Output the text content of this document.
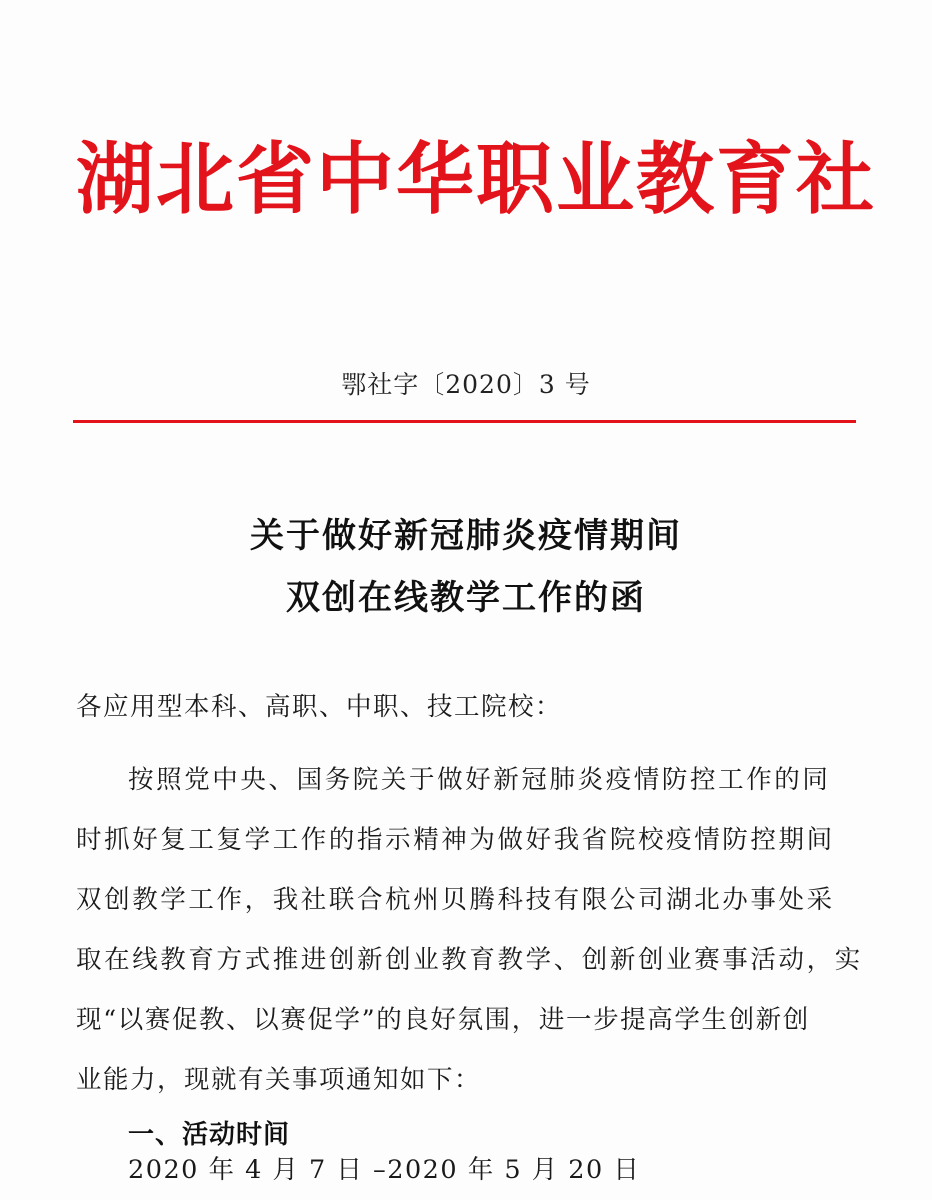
湖北省中华职业教育社
鄂社字〔2020〕3 号
关于做好新冠肺炎疫情期间
双创在线教学工作的函
各应用型本科、高职、中职、技工院校：
按照党中央、国务院关于做好新冠肺炎疫情防控工作的同
时抓好复工复学工作的指示精神为做好我省院校疫情防控期间
双创教学工作，我社联合杭州贝腾科技有限公司湖北办事处采
取在线教育方式推进创新创业教育教学、创新创业赛事活动，实
现“以赛促教、以赛促学”的良好氛围，进一步提高学生创新创
业能力，现就有关事项通知如下：
一、活动时间
2020 年 4 月 7 日 –2020 年 5 月 20 日
